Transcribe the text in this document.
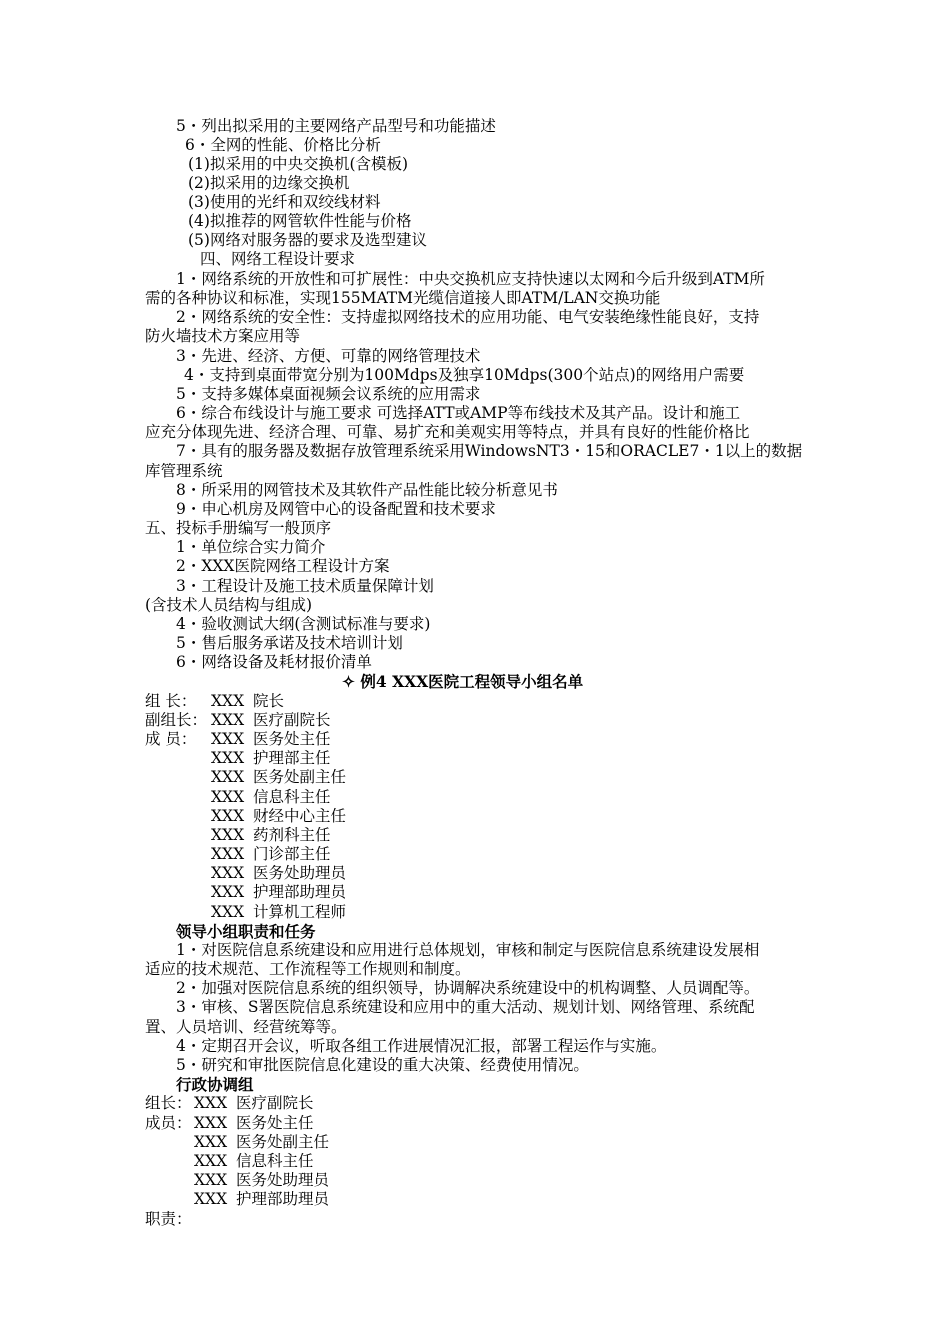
5・列出拟采用的主要网络产品型号和功能描述
6・全网的性能、价格比分析
(1)拟采用的中央交换机(含模板)
(2)拟采用的边缘交换机
(3)使用的光纤和双绞线材料
(4)拟推荐的网管软件性能与价格
(5)网络对服务器的要求及选型建议
四、网络工程设计要求
1・网络系统的开放性和可扩展性：中央交换机应支持快速以太网和今后升级到ATM所
需的各种协议和标准，实现155MATM光缆信道接人即ATM/LAN交换功能
2・网络系统的安全性：支持虚拟网络技术的应用功能、电气安装绝缘性能良好，支持
防火墙技术方案应用等
3・先进、经济、方便、可靠的网络管理技术
4・支持到桌面带宽分别为100Mdps及独享10Mdps(300个站点)的网络用户需要
5・支持多媒体桌面视频会议系统的应用需求
6・综合布线设计与施工要求 可选择ATT或AMP等布线技术及其产品。设计和施工
应充分体现先进、经济合理、可靠、易扩充和美观实用等特点，并具有良好的性能价格比
7・具有的服务器及数据存放管理系统采用WindowsNT3・15和ORACLE7・1以上的数据
库管理系统
8・所采用的网管技术及其软件产品性能比较分析意见书
9・申心机房及网管中心的设备配置和技术要求
五、投标手册编写一般顶序
1・单位综合实力简介
2・XXX医院网络工程设计方案
3・工程设计及施工技术质量保障计划
(含技术人员结构与组成)
4・验收测试大纲(含测试标准与要求)
5・售后服务承诺及技术培训计划
6・网络设备及耗材报价清单
✧ 例4 XXX医院工程领导小组名单
组 长： XXX 院长
副组长： XXX 医疗副院长
成 员： XXX 医务处主任
XXX 护理部主任
XXX 医务处副主任
XXX 信息科主任
XXX 财经中心主任
XXX 药剂科主任
XXX 门诊部主任
XXX 医务处助理员
XXX 护理部助理员
XXX 计算机工程师
领导小组职责和任务
1・对医院信息系统建设和应用进行总体规划，审核和制定与医院信息系统建设发展相
适应的技术规范、工作流程等工作规则和制度。
2・加强对医院信息系统的组织领导，协调解决系统建设中的机构调整、人员调配等。
3・审核、S署医院信息系统建设和应用中的重大活动、规划计划、网络管理、系统配
置、人员培训、经营统筹等。
4・定期召开会议，听取各组工作进展情况汇报，部署工程运作与实施。
5・研究和审批医院信息化建设的重大决策、经费使用情况。
行政协调组
组长： XXX 医疗副院长
成员： XXX 医务处主任
XXX 医务处副主任
XXX 信息科主任
XXX 医务处助理员
XXX 护理部助理员
职责：
